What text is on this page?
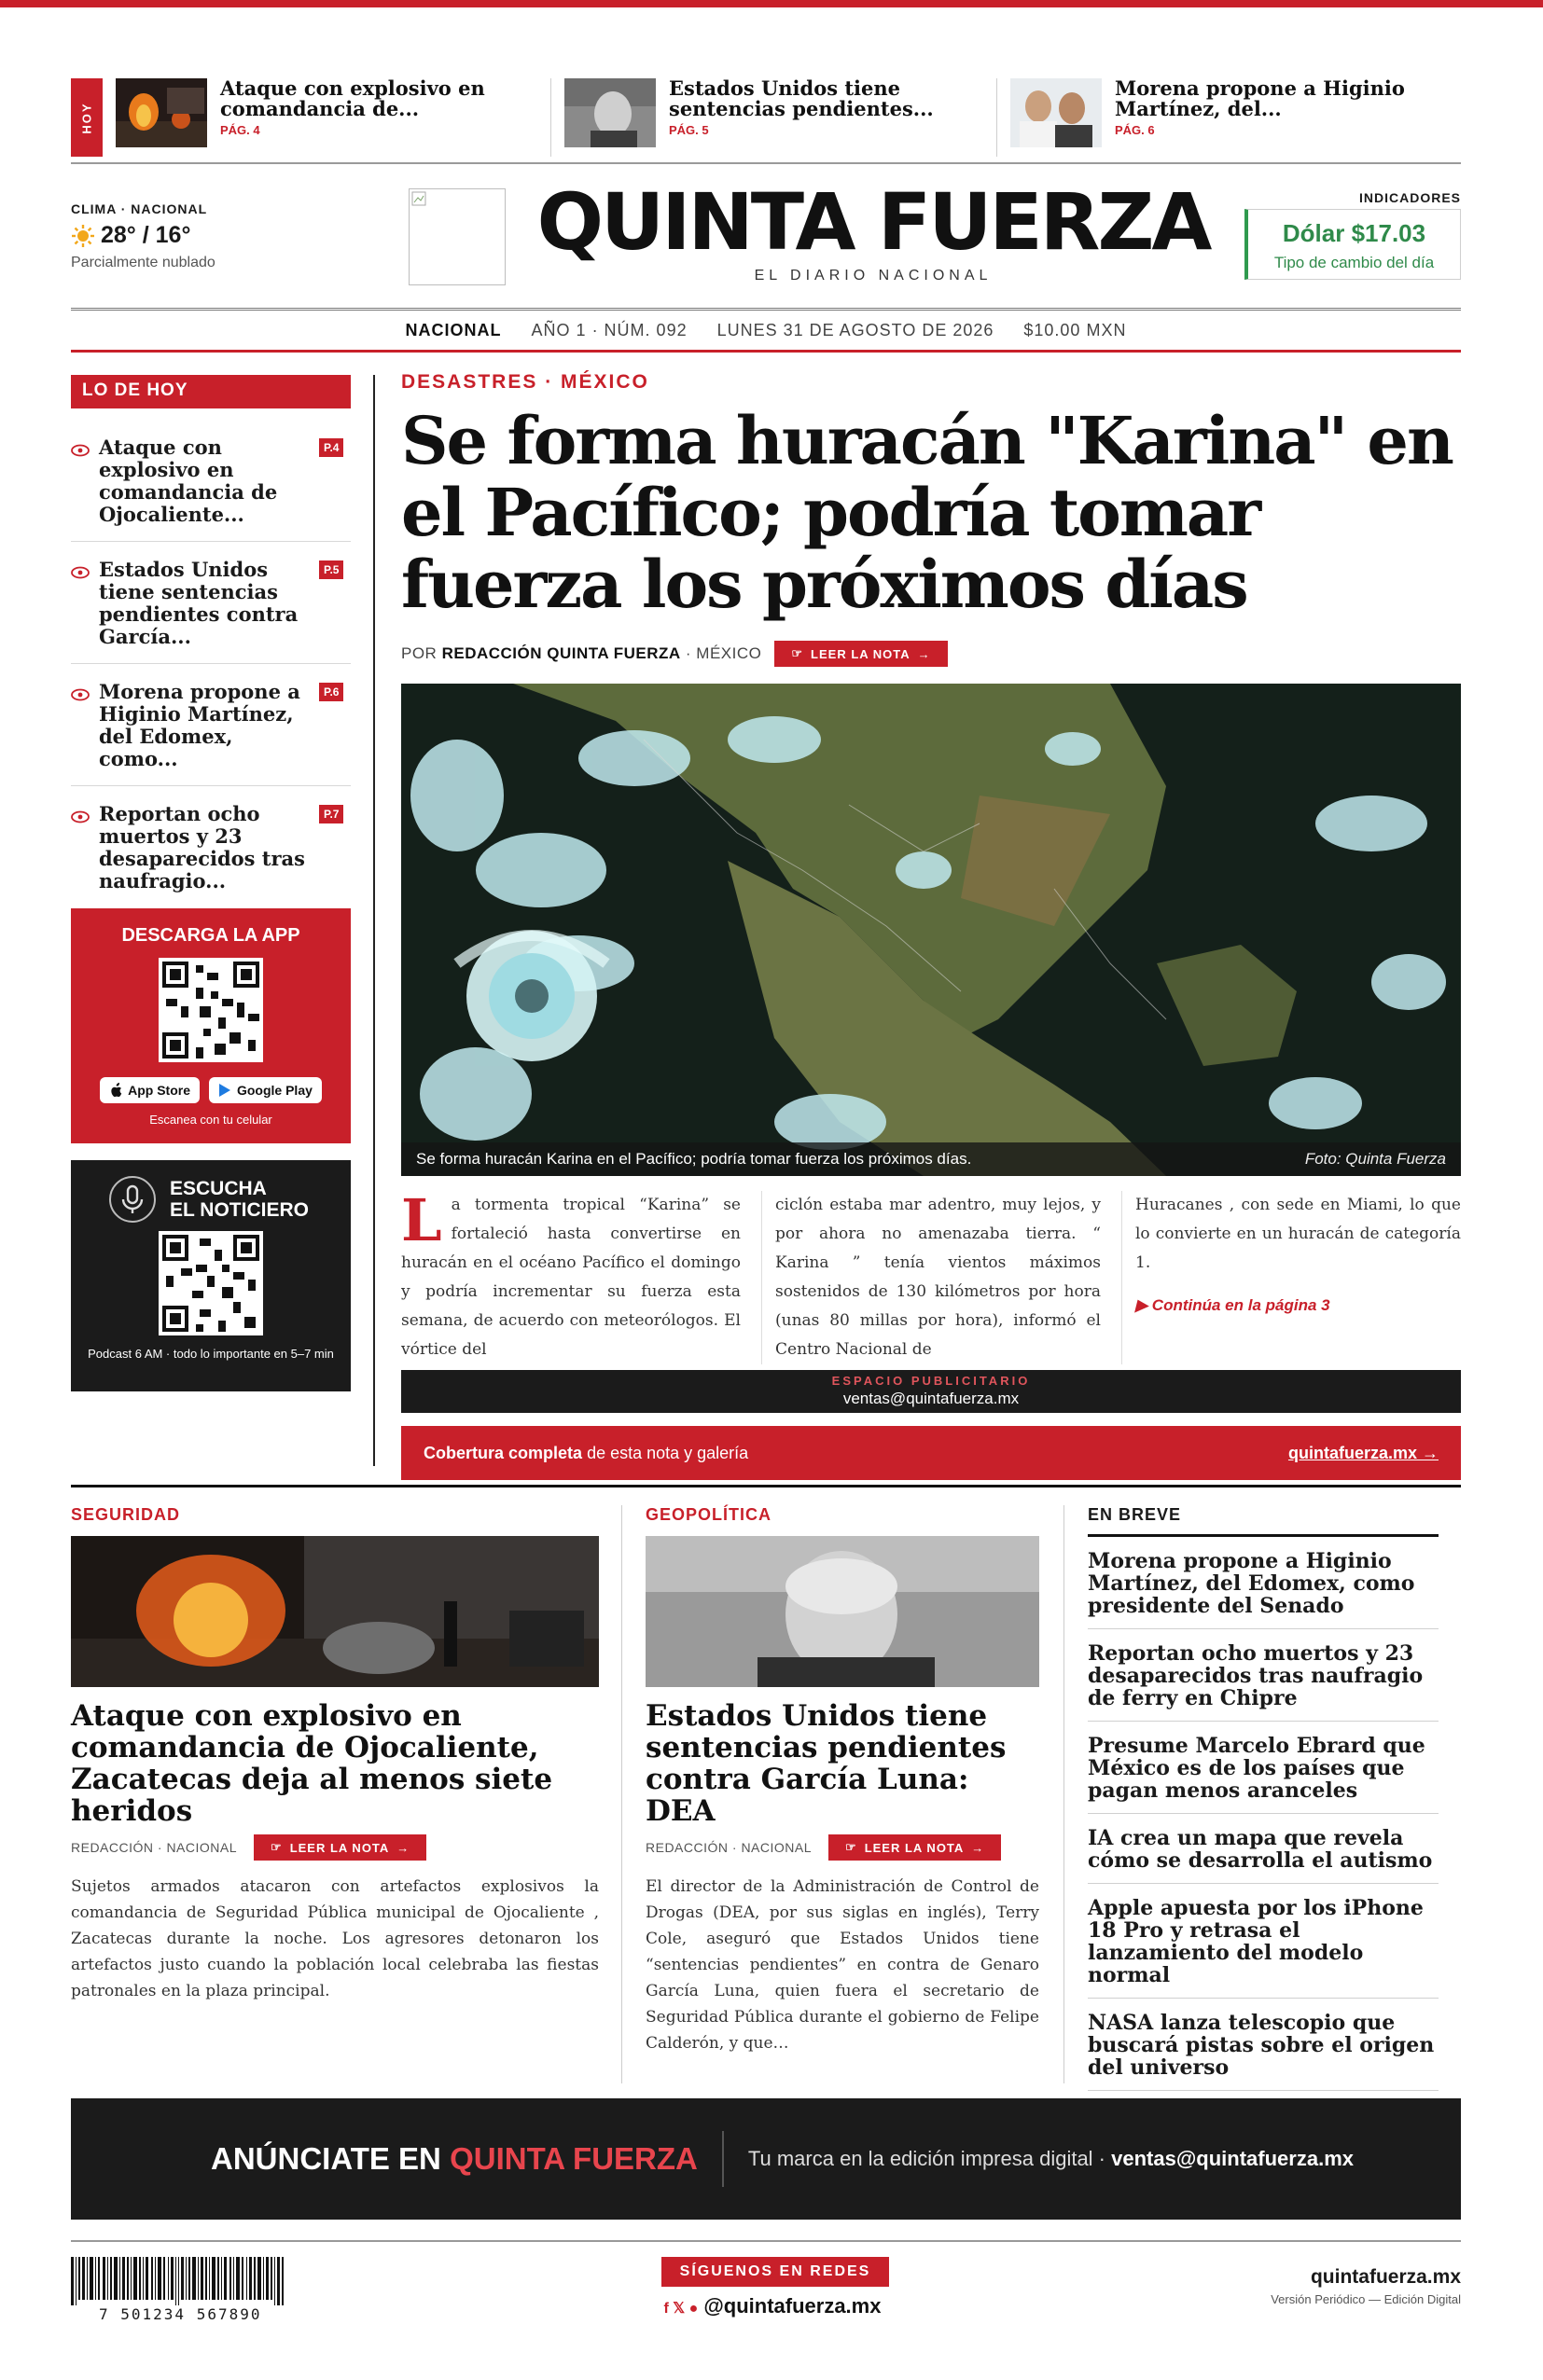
HOY
Ataque con explosivo en comandancia de...
PÁG. 4
Estados Unidos tiene sentencias pendientes...
PÁG. 5
Morena propone a Higinio Martínez, del...
PÁG. 6
CLIMA · NACIONAL
28° / 16°
Parcialmente nublado	QUINTA FUERZA
EL DIARIO NACIONAL
INDICADORES
Dólar $17.03
Tipo de cambio del día
NACIONAL AÑO 1 · NÚM. 092 LUNES 31 DE AGOSTO DE 2026 $10.00 MXN
LO DE HOY
Ataque con explosivo en comandancia de Ojocaliente...
P.4
Estados Unidos tiene sentencias pendientes contra García...
P.5
Morena propone a Higinio Martínez, del Edomex, como...
P.6
Reportan ocho muertos y 23 desaparecidos tras naufragio...
P.7
DESCARGA LA APP
App Store	Google Play
Escanea con tu celular
ESCUCHA
EL NOTICIERO
Podcast 6 AM · todo lo importante en 5–7 min
DESASTRES · MÉXICO
Se forma huracán "Karina" en el Pacífico; podría tomar fuerza los próximos días
POR REDACCIÓN QUINTA FUERZA · MÉXICO ☞ LEER LA NOTA →
Se forma huracán Karina en el Pacífico; podría tomar fuerza los próximos días.	Foto: Quinta Fuerza
La tormenta tropical “Karina” se fortaleció hasta convertirse en huracán en el océano Pacífico el domingo y podría incrementar su fuerza esta semana, de acuerdo con meteorólogos. El vórtice del
ciclón estaba mar adentro, muy lejos, y por ahora no amenazaba tierra. “ Karina ” tenía vientos máximos sostenidos de 130 kilómetros por hora (unas 80 millas por hora), informó el Centro Nacional de
Huracanes , con sede en Miami, lo que lo convierte en un huracán de categoría 1.
▶ Continúa en la página 3
ESPACIO PUBLICITARIO
ventas@quintafuerza.mx
Cobertura completa de esta nota y galería	quintafuerza.mx →
SEGURIDAD
Ataque con explosivo en comandancia de Ojocaliente, Zacatecas deja al menos siete heridos
REDACCIÓN · NACIONAL	☞ LEER LA NOTA →
Sujetos armados atacaron con artefactos explosivos la comandancia de Seguridad Pública municipal de Ojocaliente , Zacatecas durante la noche. Los agresores detonaron los artefactos justo cuando la población local celebraba las fiestas patronales en la plaza principal.
GEOPOLÍTICA
Estados Unidos tiene sentencias pendientes contra García Luna: DEA
REDACCIÓN · NACIONAL	☞ LEER LA NOTA →
El director de la Administración de Control de Drogas (DEA, por sus siglas en inglés), Terry Cole, aseguró que Estados Unidos tiene “sentencias pendientes” en contra de Genaro García Luna, quien fuera el secretario de Seguridad Pública durante el gobierno de Felipe Calderón, y que…
EN BREVE
Morena propone a Higinio Martínez, del Edomex, como presidente del Senado
Reportan ocho muertos y 23 desaparecidos tras naufragio de ferry en Chipre
Presume Marcelo Ebrard que México es de los países que pagan menos aranceles
IA crea un mapa que revela cómo se desarrolla el autismo
Apple apuesta por los iPhone 18 Pro y retrasa el lanzamiento del modelo normal
NASA lanza telescopio que buscará pistas sobre el origen del universo
ANÚNCIATE EN
QUINTA FUERZA	Tu marca en la edición impresa digital · ventas@quintafuerza.mx
7 501234 567890
SÍGUENOS EN REDES
f 𝕏 ● @quintafuerza.mx
quintafuerza.mx
Versión Periódico — Edición Digital
